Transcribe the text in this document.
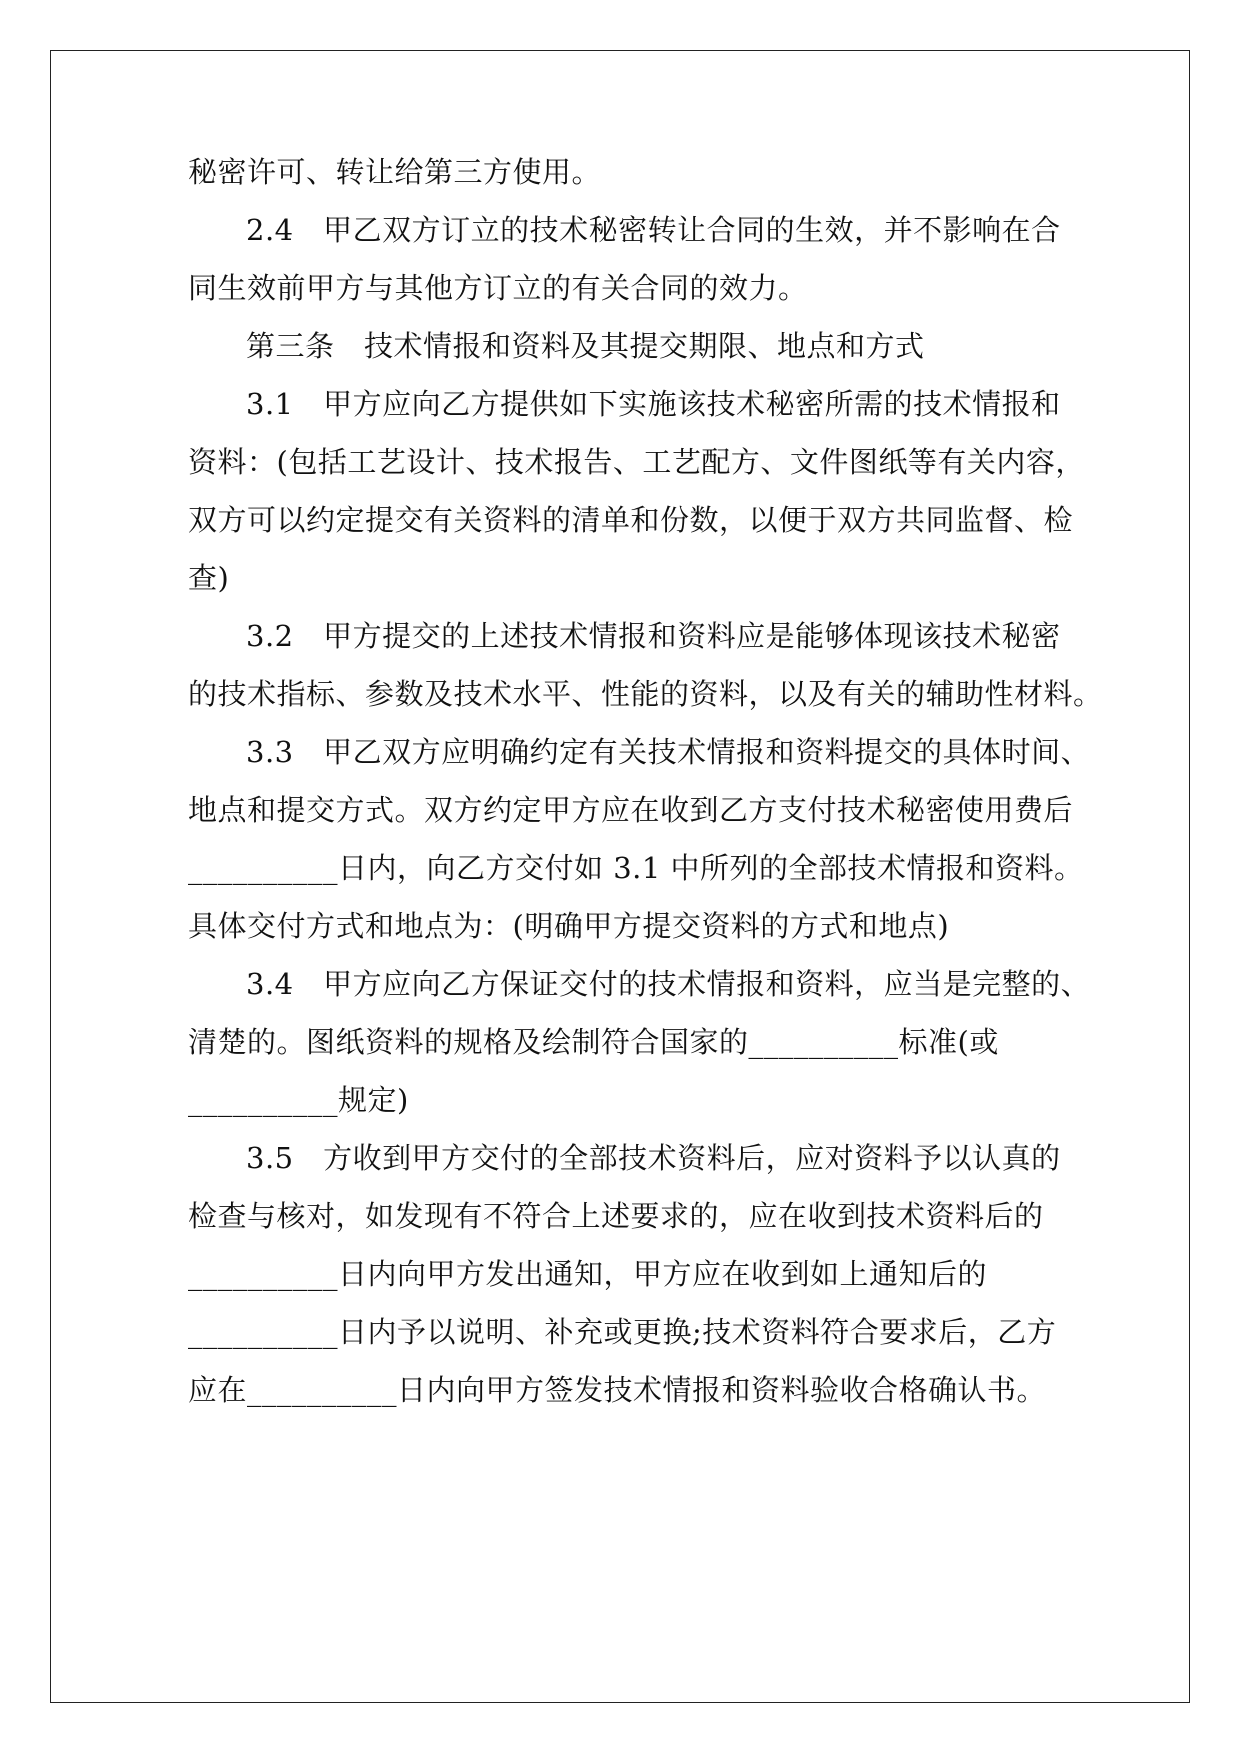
秘密许可、转让给第三方使用。
2.4　甲乙双方订立的技术秘密转让合同的生效，并不影响在合
同生效前甲方与其他方订立的有关合同的效力。
第三条　技术情报和资料及其提交期限、地点和方式
3.1　甲方应向乙方提供如下实施该技术秘密所需的技术情报和
资料：(包括工艺设计、技术报告、工艺配方、文件图纸等有关内容，
双方可以约定提交有关资料的清单和份数，以便于双方共同监督、检
查)
3.2　甲方提交的上述技术情报和资料应是能够体现该技术秘密
的技术指标、参数及技术水平、性能的资料，以及有关的辅助性材料。
3.3　甲乙双方应明确约定有关技术情报和资料提交的具体时间、
地点和提交方式。双方约定甲方应在收到乙方支付技术秘密使用费后
__________日内，向乙方交付如 3.1 中所列的全部技术情报和资料。
具体交付方式和地点为：(明确甲方提交资料的方式和地点)
3.4　甲方应向乙方保证交付的技术情报和资料，应当是完整的、
清楚的。图纸资料的规格及绘制符合国家的__________标准(或
__________规定)
3.5　方收到甲方交付的全部技术资料后，应对资料予以认真的
检查与核对，如发现有不符合上述要求的，应在收到技术资料后的
__________日内向甲方发出通知，甲方应在收到如上通知后的
__________日内予以说明、补充或更换;技术资料符合要求后，乙方
应在__________日内向甲方签发技术情报和资料验收合格确认书。
